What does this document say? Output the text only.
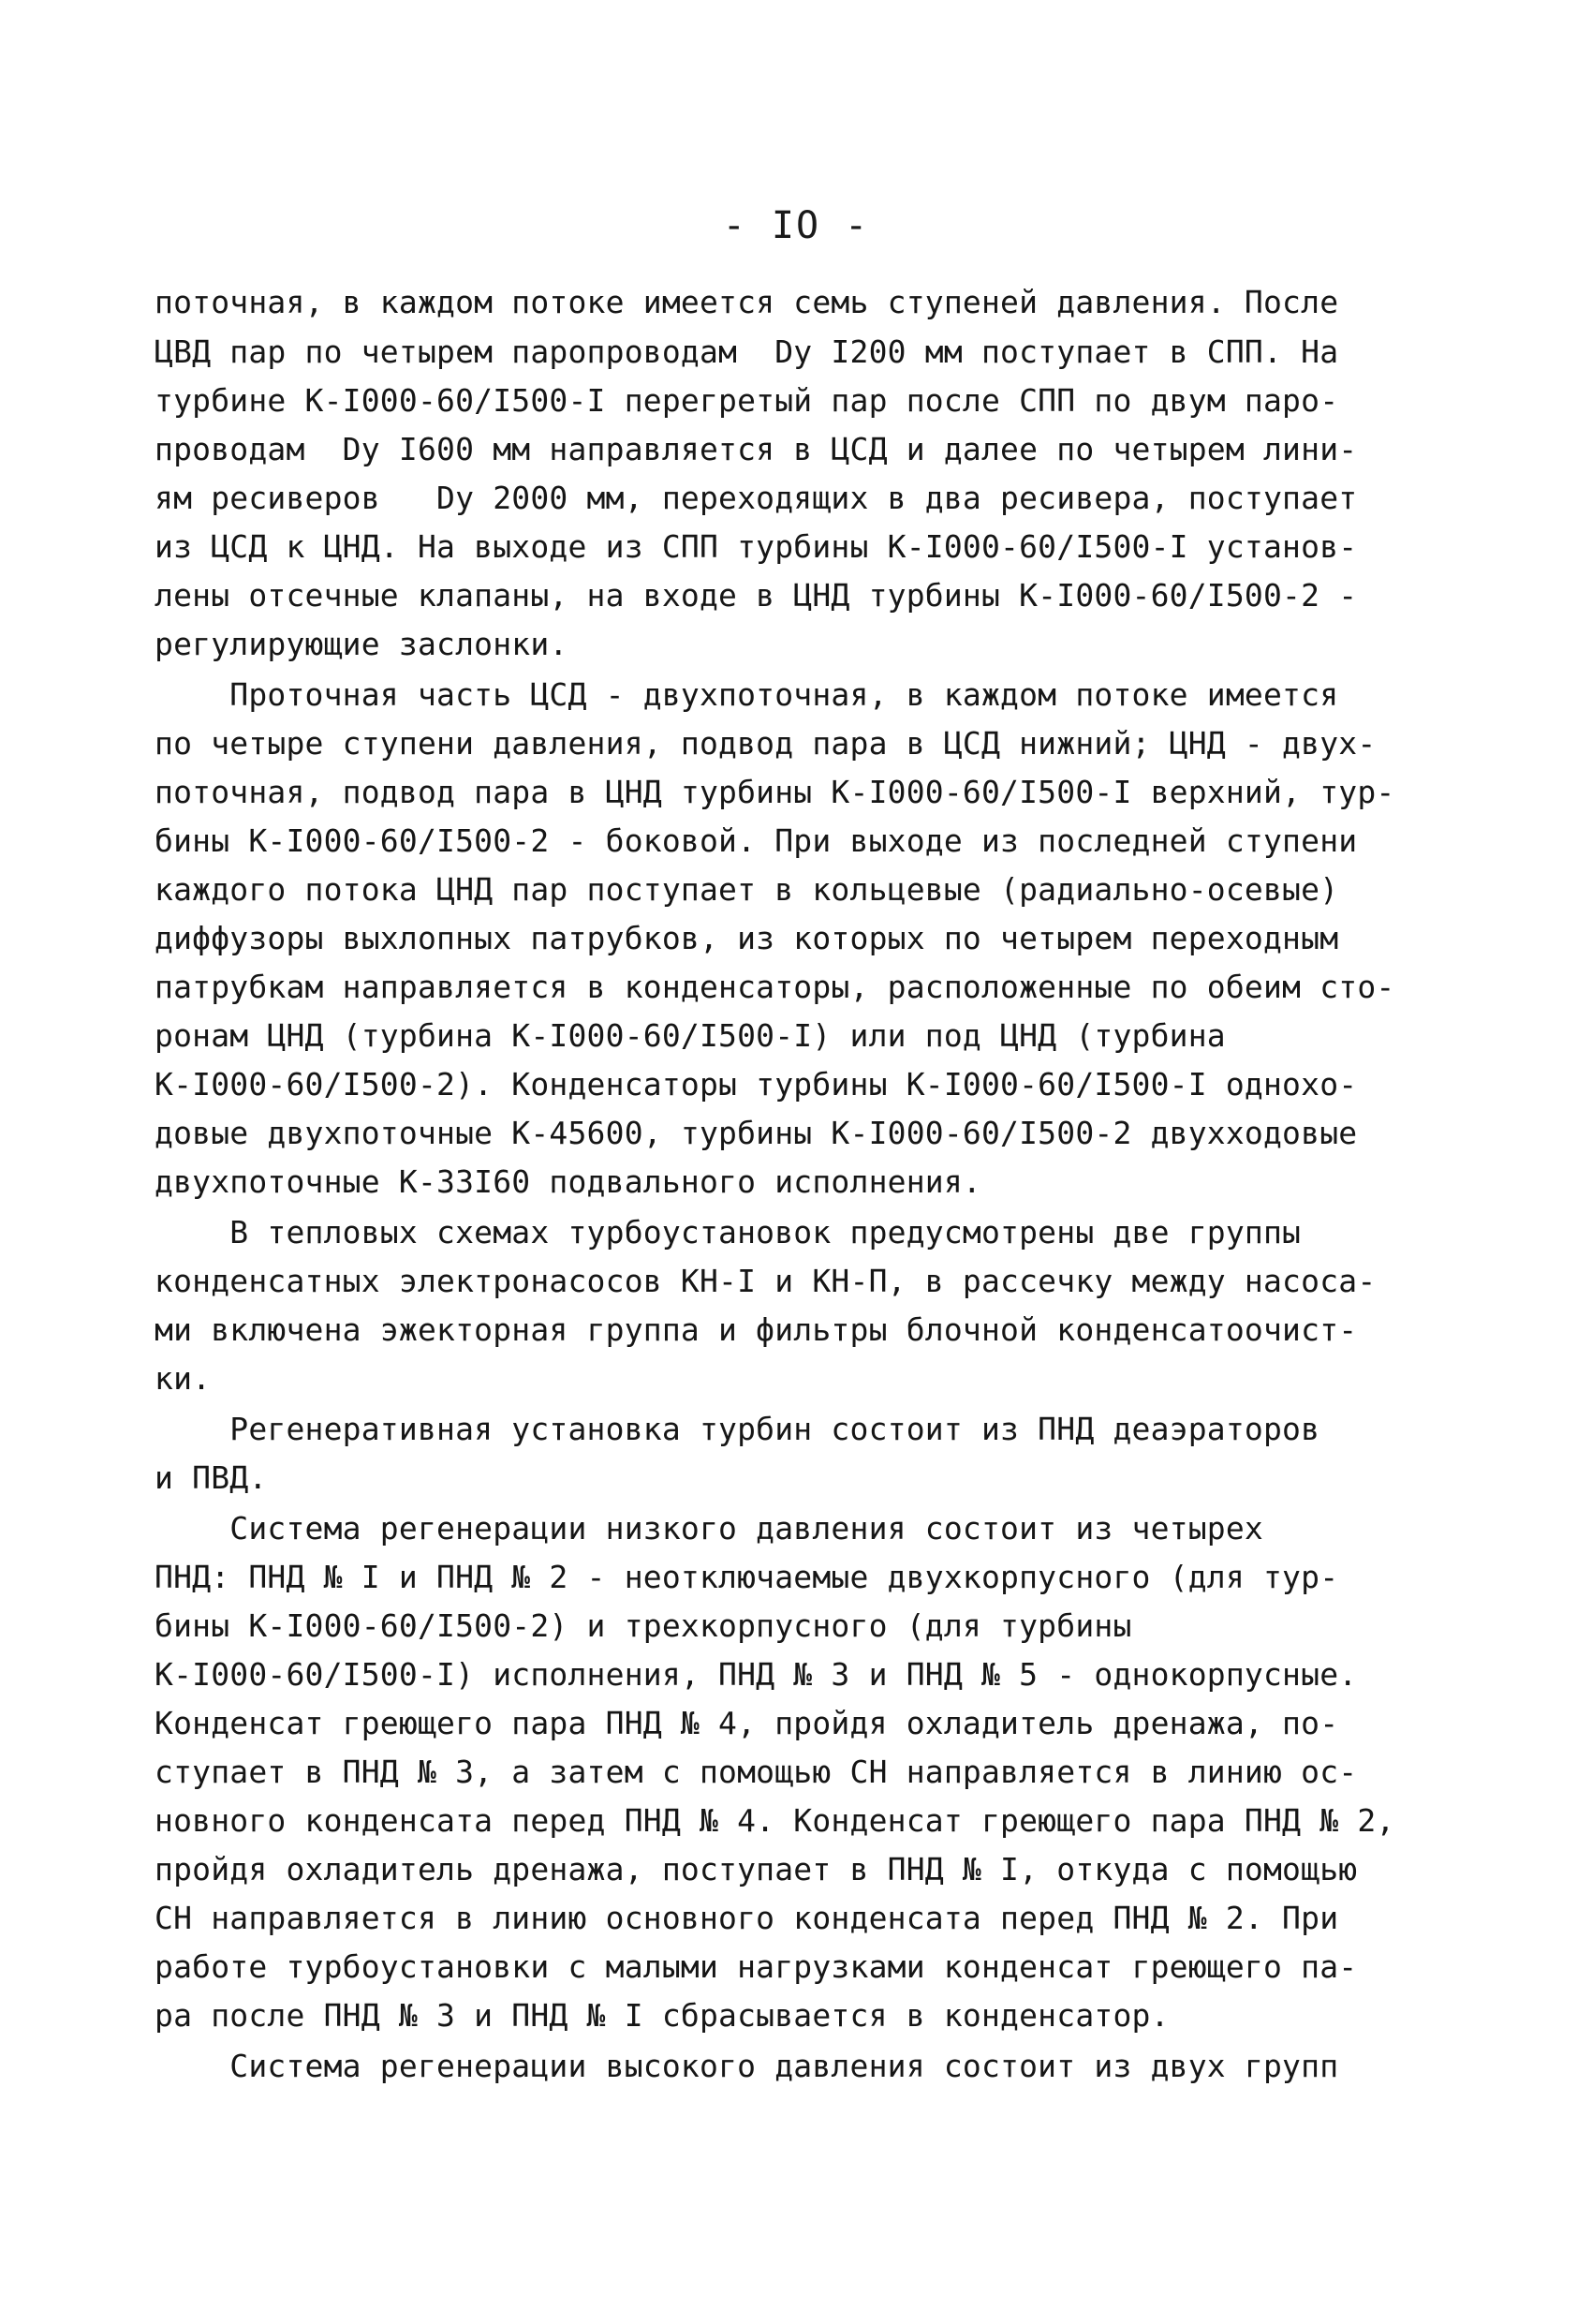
- IO -
поточная, в каждом потоке имеется семь ступеней давления. После
ЦВД пар по четырем паропроводам  Dу I200 мм поступает в СПП. На
турбине К-I000-60/I500-I перегретый пар после СПП по двум паро-
проводам  Dу I600 мм направляется в ЦСД и далее по четырем лини-
ям ресиверов   Dу 2000 мм, переходящих в два ресивера, поступает
из ЦСД к ЦНД. На выходе из СПП турбины К-I000-60/I500-I установ-
лены отсечные клапаны, на входе в ЦНД турбины К-I000-60/I500-2 -
регулирующие заслонки.
Проточная часть ЦСД - двухпоточная, в каждом потоке имеется
по четыре ступени давления, подвод пара в ЦСД нижний; ЦНД - двух-
поточная, подвод пара в ЦНД турбины К-I000-60/I500-I верхний, тур-
бины К-I000-60/I500-2 - боковой. При выходе из последней ступени
каждого потока ЦНД пар поступает в кольцевые (радиально-осевые)
диффузоры выхлопных патрубков, из которых по четырем переходным
патрубкам направляется в конденсаторы, расположенные по обеим сто-
ронам ЦНД (турбина К-I000-60/I500-I) или под ЦНД (турбина
К-I000-60/I500-2). Конденсаторы турбины К-I000-60/I500-I одноxо-
довые двухпоточные К-45600, турбины К-I000-60/I500-2 двухходовые
двухпоточные К-33I60 подвального исполнения.
В тепловых схемах турбоустановок предусмотрены две группы
конденсатных электронасосов КН-I и КН-П, в рассечку между насоса-
ми включена эжекторная группа и фильтры блочной конденсатоочист-
ки.
Регенеративная установка турбин состоит из ПНД деаэраторов
и ПВД.
Система регенерации низкого давления состоит из четырех
ПНД: ПНД № I и ПНД № 2 - неотключаемые двухкорпусного (для тур-
бины К-I000-60/I500-2) и трехкорпусного (для турбины
К-I000-60/I500-I) исполнения, ПНД № 3 и ПНД № 5 - однокорпусные.
Конденсат греющего пара ПНД № 4, пройдя охладитель дренажа, по-
ступает в ПНД № 3, а затем с помощью СН направляется в линию ос-
новного конденсата перед ПНД № 4. Конденсат греющего пара ПНД № 2,
пройдя охладитель дренажа, поступает в ПНД № I, откуда с помощью
СН направляется в линию основного конденсата перед ПНД № 2. При
работе турбоустановки с малыми нагрузками конденсат греющего па-
ра после ПНД № 3 и ПНД № I сбрасывается в конденсатор.
Система регенерации высокого давления состоит из двух групп
